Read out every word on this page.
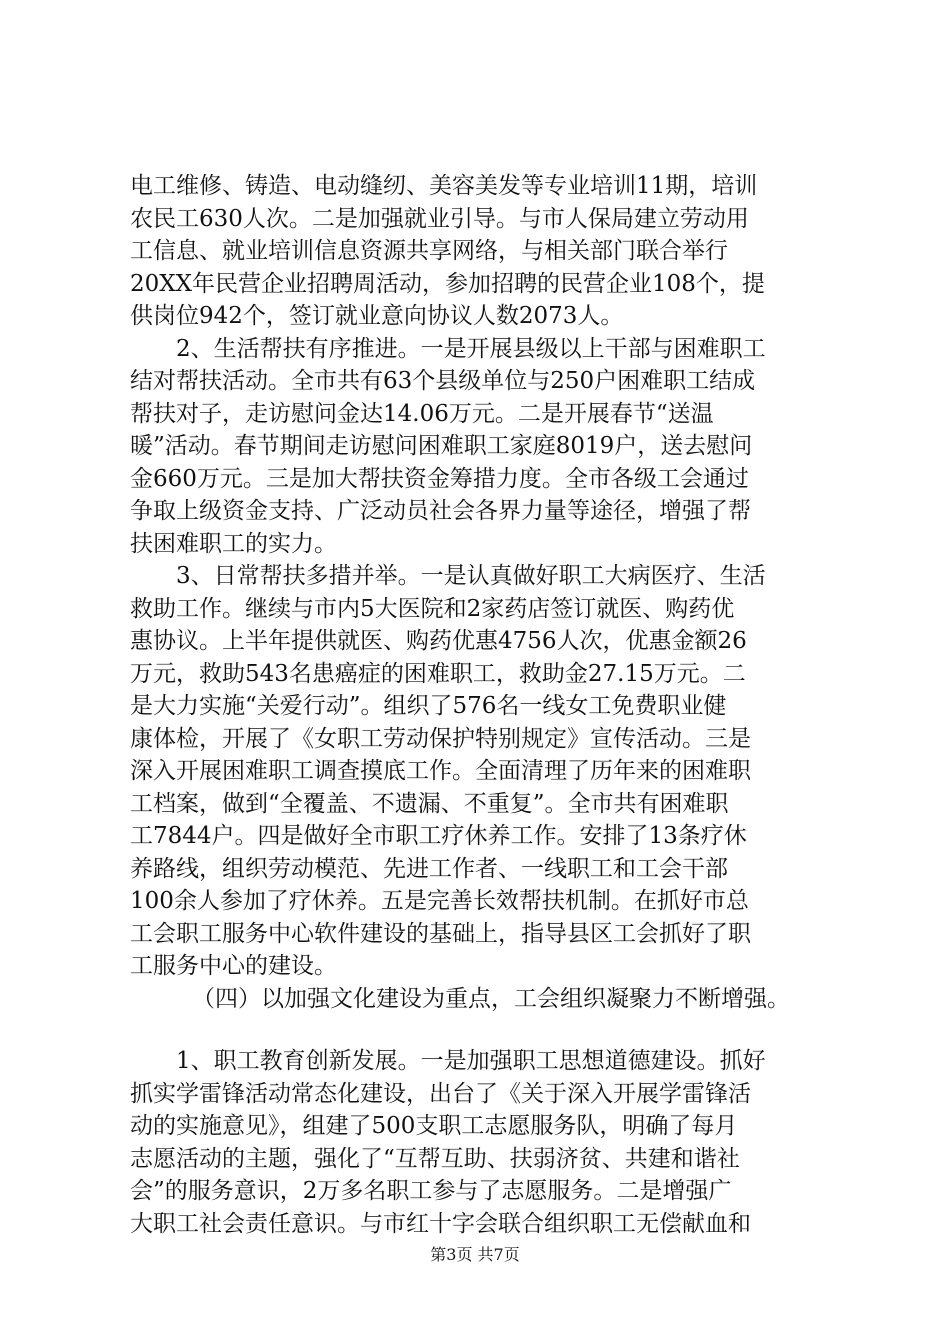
电工维修、铸造、电动缝纫、美容美发等专业培训11期，培训
农民工630人次。二是加强就业引导。与市人保局建立劳动用
工信息、就业培训信息资源共享网络，与相关部门联合举行
20XX年民营企业招聘周活动，参加招聘的民营企业108个，提
供岗位942个，签订就业意向协议人数2073人。
2、生活帮扶有序推进。一是开展县级以上干部与困难职工
结对帮扶活动。全市共有63个县级单位与250户困难职工结成
帮扶对子，走访慰问金达14.06万元。二是开展春节“送温
暖”活动。春节期间走访慰问困难职工家庭8019户，送去慰问
金660万元。三是加大帮扶资金筹措力度。全市各级工会通过
争取上级资金支持、广泛动员社会各界力量等途径，增强了帮
扶困难职工的实力。
3、日常帮扶多措并举。一是认真做好职工大病医疗、生活
救助工作。继续与市内5大医院和2家药店签订就医、购药优
惠协议。上半年提供就医、购药优惠4756人次，优惠金额26
万元，救助543名患癌症的困难职工，救助金27.15万元。二
是大力实施“关爱行动”。组织了576名一线女工免费职业健
康体检，开展了《女职工劳动保护特别规定》宣传活动。三是
深入开展困难职工调查摸底工作。全面清理了历年来的困难职
工档案，做到“全覆盖、不遗漏、不重复”。全市共有困难职
工7844户。四是做好全市职工疗休养工作。安排了13条疗休
养路线，组织劳动模范、先进工作者、一线职工和工会干部
100余人参加了疗休养。五是完善长效帮扶机制。在抓好市总
工会职工服务中心软件建设的基础上，指导县区工会抓好了职
工服务中心的建设。
（四）以加强文化建设为重点，工会组织凝聚力不断增强。
1、职工教育创新发展。一是加强职工思想道德建设。抓好
抓实学雷锋活动常态化建设，出台了《关于深入开展学雷锋活
动的实施意见》，组建了500支职工志愿服务队，明确了每月
志愿活动的主题，强化了“互帮互助、扶弱济贫、共建和谐社
会”的服务意识，2万多名职工参与了志愿服务。二是增强广
大职工社会责任意识。与市红十字会联合组织职工无偿献血和
第3页 共7页
